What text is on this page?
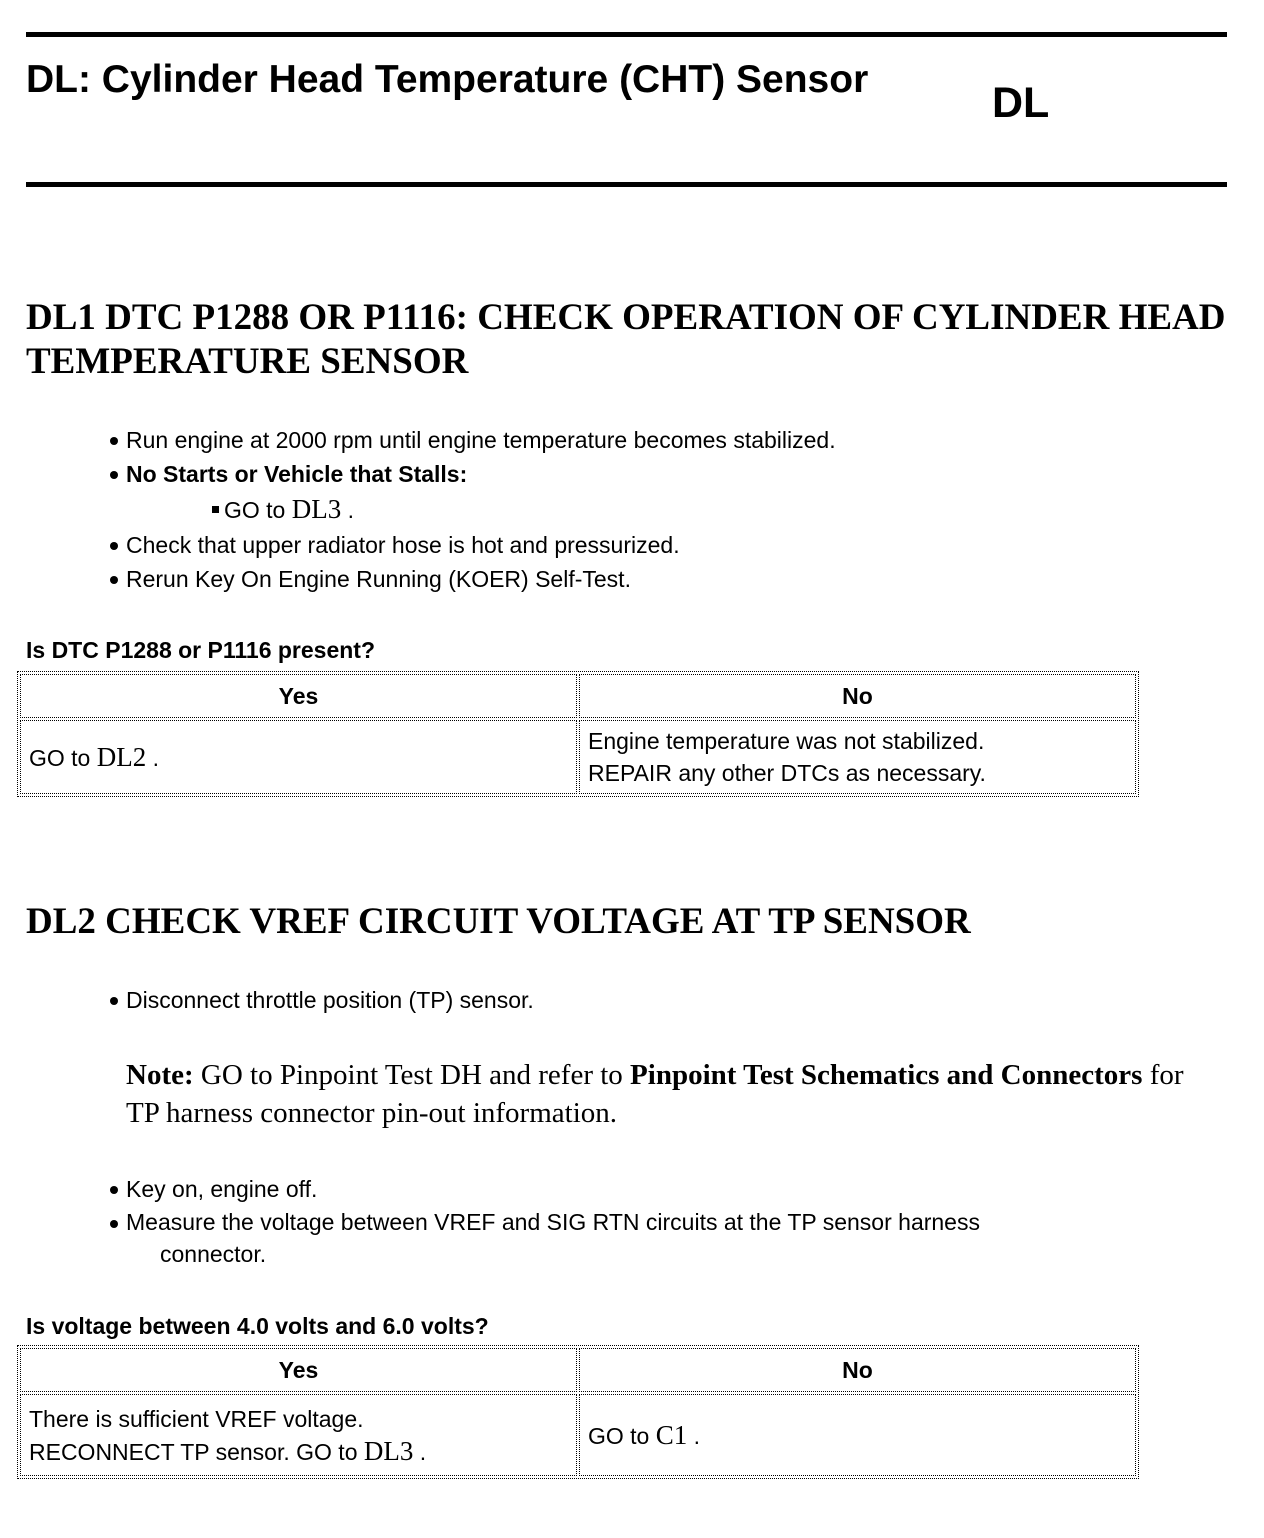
DL: Cylinder Head Temperature (CHT) Sensor	DL
DL1 DTC P1288 OR P1116: CHECK OPERATION OF CYLINDER HEAD TEMPERATURE SENSOR
Run engine at 2000 rpm until engine temperature becomes stabilized.
No Starts or Vehicle that Stalls:
GO to DL3 .
Check that upper radiator hose is hot and pressurized.
Rerun Key On Engine Running (KOER) Self-Test.
Is DTC P1288 or P1116 present?
Yes	No
GO to DL2 .	Engine temperature was not stabilized.
REPAIR any other DTCs as necessary.
DL2 CHECK VREF CIRCUIT VOLTAGE AT TP SENSOR
Disconnect throttle position (TP) sensor.

Note: GO to Pinpoint Test DH and refer to Pinpoint Test Schematics and Connectors for TP harness connector pin-out information.

Key on, engine off.
Measure the voltage between VREF and SIG RTN circuits at the TP sensor harness
connector.
Is voltage between 4.0 volts and 6.0 volts?
Yes	No

There is sufficient VREF voltage.
RECONNECT TP sensor. GO to DL3 .	GO to C1 .
